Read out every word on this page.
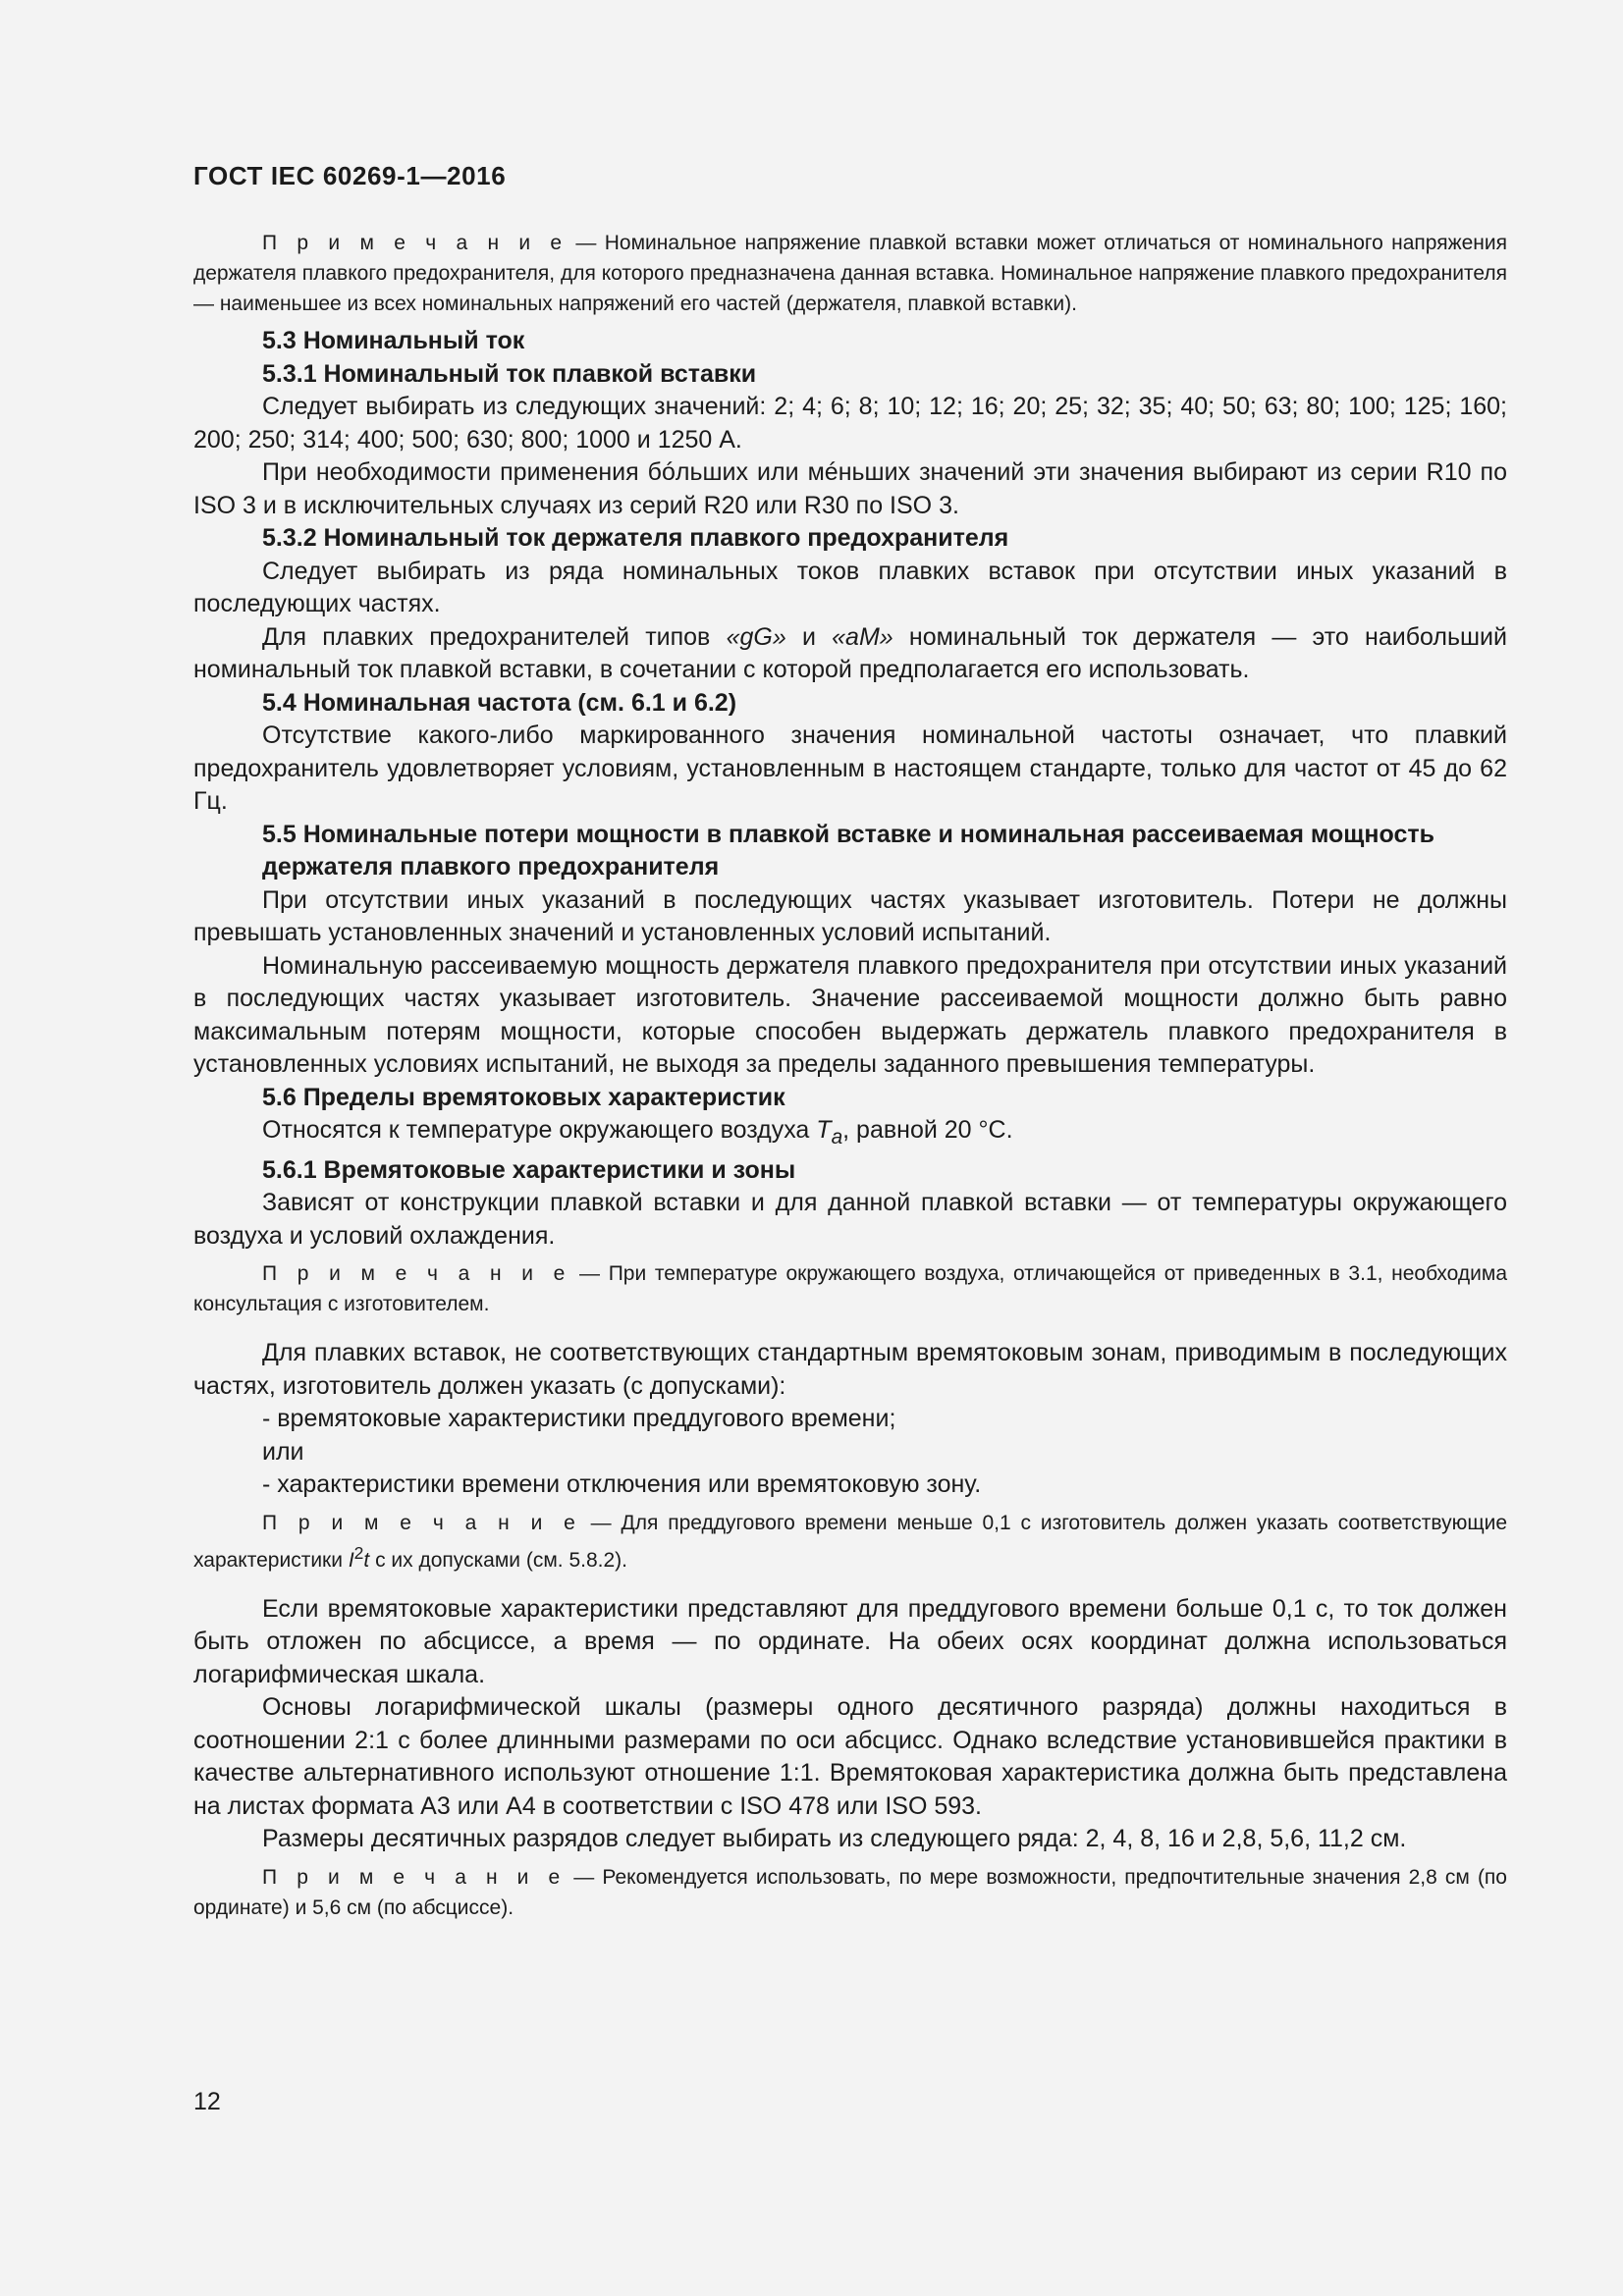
ГОСТ IEC 60269-1—2016

П р и м е ч а н и е — Номинальное напряжение плавкой вставки может отличаться от номинального напряжения держателя плавкого предохранителя, для которого предназначена данная вставка. Номинальное напряжение плавкого предохранителя — наименьшее из всех номинальных напряжений его частей (держателя, плавкой вставки).

5.3 Номинальный ток

5.3.1 Номинальный ток плавкой вставки

Следует выбирать из следующих значений: 2; 4; 6; 8; 10; 12; 16; 20; 25; 32; 35; 40; 50; 63; 80; 100; 125; 160; 200; 250; 314; 400; 500; 630; 800; 1000 и 1250 А.

При необходимости применения бóльших или мéньших значений эти значения выбирают из серии R10 по ISO 3 и в исключительных случаях из серий R20 или R30 по ISO 3.

5.3.2 Номинальный ток держателя плавкого предохранителя

Следует выбирать из ряда номинальных токов плавких вставок при отсутствии иных указаний в последующих частях.

Для плавких предохранителей типов «gG» и «aM» номинальный ток держателя — это наибольший номинальный ток плавкой вставки, в сочетании с которой предполагается его использовать.

5.4 Номинальная частота (см. 6.1 и 6.2)

Отсутствие какого-либо маркированного значения номинальной частоты означает, что плавкий предохранитель удовлетворяет условиям, установленным в настоящем стандарте, только для частот от 45 до 62 Гц.

5.5 Номинальные потери мощности в плавкой вставке и номинальная рассеиваемая мощность держателя плавкого предохранителя

При отсутствии иных указаний в последующих частях указывает изготовитель. Потери не должны превышать установленных значений и установленных условий испытаний.

Номинальную рассеиваемую мощность держателя плавкого предохранителя при отсутствии иных указаний в последующих частях указывает изготовитель. Значение рассеиваемой мощности должно быть равно максимальным потерям мощности, которые способен выдержать держатель плавкого предохранителя в установленных условиях испытаний, не выходя за пределы заданного превышения температуры.

5.6 Пределы времятоковых характеристик

Относятся к температуре окружающего воздуха $T_a$, равной 20 °С.

5.6.1 Времятоковые характеристики и зоны

Зависят от конструкции плавкой вставки и для данной плавкой вставки — от температуры окружающего воздуха и условий охлаждения.

П р и м е ч а н и е — При температуре окружающего воздуха, отличающейся от приведенных в 3.1, необходима консультация с изготовителем.

Для плавких вставок, не соответствующих стандартным времятоковым зонам, приводимым в последующих частях, изготовитель должен указать (с допусками):

- времятоковые характеристики преддугового времени;

или

- характеристики времени отключения или времятоковую зону.

П р и м е ч а н и е — Для преддугового времени меньше 0,1 с изготовитель должен указать соответствующие характеристики $I^2t$ с их допусками (см. 5.8.2).

Если времятоковые характеристики представляют для преддугового времени больше 0,1 с, то ток должен быть отложен по абсциссе, а время — по ординате. На обеих осях координат должна использоваться логарифмическая шкала.

Основы логарифмической шкалы (размеры одного десятичного разряда) должны находиться в соотношении 2:1 с более длинными размерами по оси абсцисс. Однако вследствие установившейся практики в качестве альтернативного используют отношение 1:1. Времятоковая характеристика должна быть представлена на листах формата А3 или А4 в соответствии с ISO 478 или ISO 593.

Размеры десятичных разрядов следует выбирать из следующего ряда: 2, 4, 8, 16 и 2,8, 5,6, 11,2 см.

П р и м е ч а н и е — Рекомендуется использовать, по мере возможности, предпочтительные значения 2,8 см (по ординате) и 5,6 см (по абсциссе).

12
